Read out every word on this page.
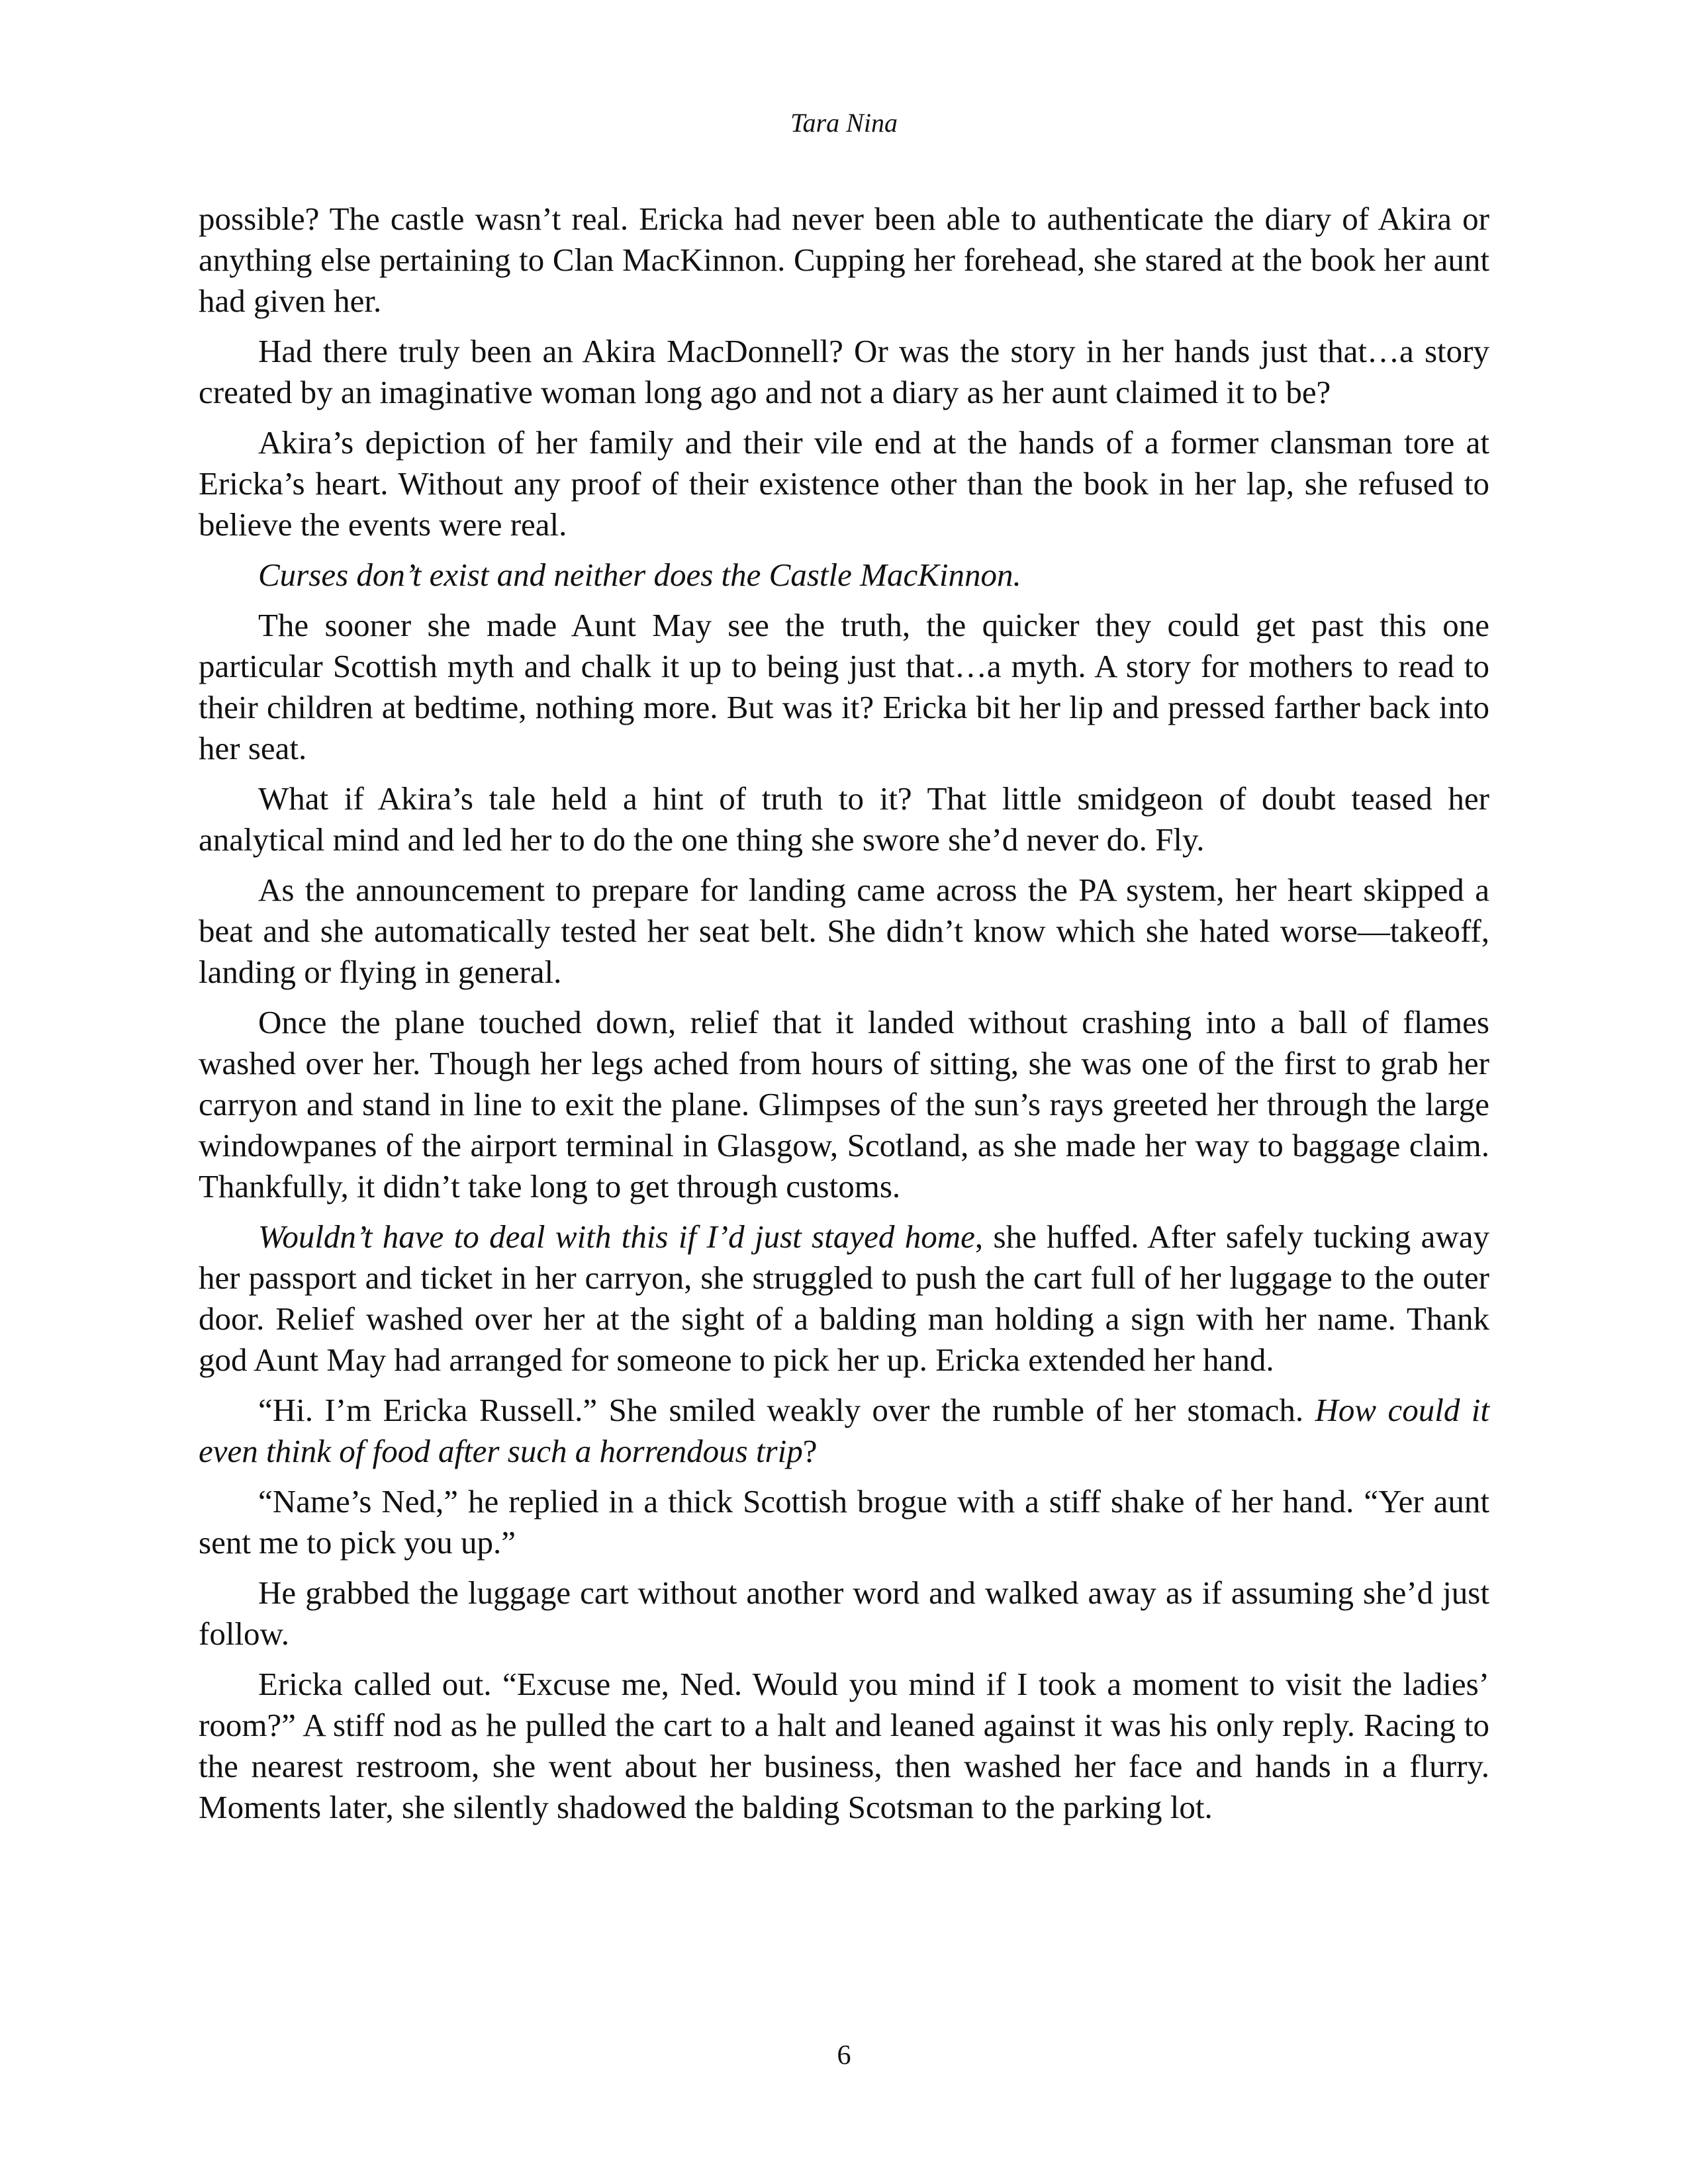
Tara Nina

possible? The castle wasn’t real. Ericka had never been able to authenticate the diary of Akira or anything else pertaining to Clan MacKinnon. Cupping her forehead, she stared at the book her aunt had given her.

Had there truly been an Akira MacDonnell? Or was the story in her hands just that…a story created by an imaginative woman long ago and not a diary as her aunt claimed it to be?

Akira’s depiction of her family and their vile end at the hands of a former clansman tore at Ericka’s heart. Without any proof of their existence other than the book in her lap, she refused to believe the events were real.

Curses don’t exist and neither does the Castle MacKinnon.

The sooner she made Aunt May see the truth, the quicker they could get past this one particular Scottish myth and chalk it up to being just that…a myth. A story for mothers to read to their children at bedtime, nothing more. But was it? Ericka bit her lip and pressed farther back into her seat.

What if Akira’s tale held a hint of truth to it? That little smidgeon of doubt teased her analytical mind and led her to do the one thing she swore she’d never do. Fly.

As the announcement to prepare for landing came across the PA system, her heart skipped a beat and she automatically tested her seat belt. She didn’t know which she hated worse—takeoff, landing or flying in general.

Once the plane touched down, relief that it landed without crashing into a ball of flames washed over her. Though her legs ached from hours of sitting, she was one of the first to grab her carryon and stand in line to exit the plane. Glimpses of the sun’s rays greeted her through the large windowpanes of the airport terminal in Glasgow, Scotland, as she made her way to baggage claim. Thankfully, it didn’t take long to get through customs.

Wouldn’t have to deal with this if I’d just stayed home, she huffed. After safely tucking away her passport and ticket in her carryon, she struggled to push the cart full of her luggage to the outer door. Relief washed over her at the sight of a balding man holding a sign with her name. Thank god Aunt May had arranged for someone to pick her up. Ericka extended her hand.

“Hi. I’m Ericka Russell.” She smiled weakly over the rumble of her stomach. How could it even think of food after such a horrendous trip?

“Name’s Ned,” he replied in a thick Scottish brogue with a stiff shake of her hand. “Yer aunt sent me to pick you up.”

He grabbed the luggage cart without another word and walked away as if assuming she’d just follow.

Ericka called out. “Excuse me, Ned. Would you mind if I took a moment to visit the ladies’ room?” A stiff nod as he pulled the cart to a halt and leaned against it was his only reply. Racing to the nearest restroom, she went about her business, then washed her face and hands in a flurry. Moments later, she silently shadowed the balding Scotsman to the parking lot.

6
